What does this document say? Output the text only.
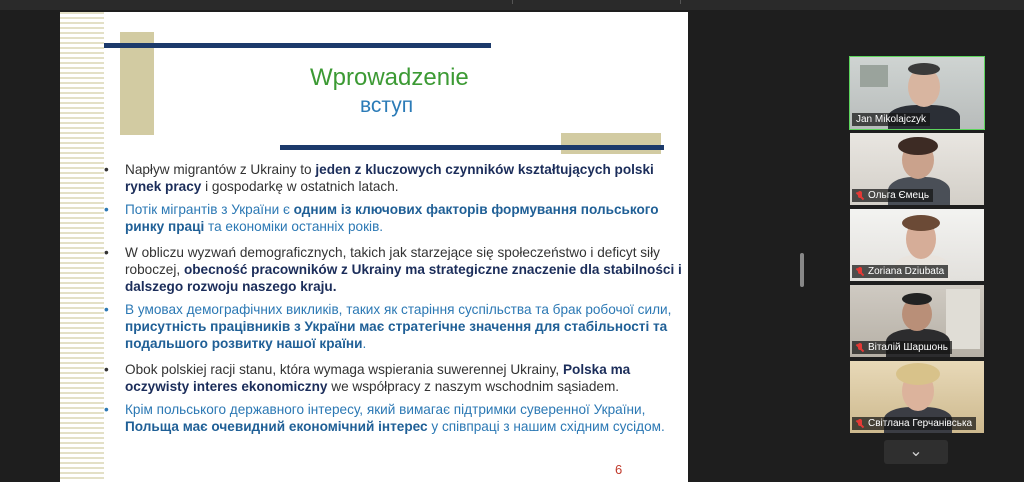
Wprowadzenie
вступ
• Napływ migrantów z Ukrainy to jeden z kluczowych czynników kształtujących polski rynek pracy i gospodarkę w ostatnich latach.
• Потік мігрантів з України є одним із ключових факторів формування польського ринку праці та економіки останніх років.
• W obliczu wyzwań demograficznych, takich jak starzejące się społeczeństwo i deficyt siły roboczej, obecność pracowników z Ukrainy ma strategiczne znaczenie dla stabilności i dalszego rozwoju naszego kraju.
• В умовах демографічних викликів, таких як старіння суспільства та брак робочої сили, присутність працівників з України має стратегічне значення для стабільності та подальшого розвитку нашої країни.
• Obok polskiej racji stanu, która wymaga wspierania suwerennej Ukrainy, Polska ma oczywisty interes ekonomiczny we współpracy z naszym wschodnim sąsiadem.
• Крім польського державного інтересу, який вимагає підтримки суверенної України, Польща має очевидний економічний інтерес у співпраці з нашим східним сусідом.
6
Jan Mikolajczyk
Ольга Ємець
Zoriana Dziubata
Віталій Шаршонь
Світлана Герчанівська
⌄
